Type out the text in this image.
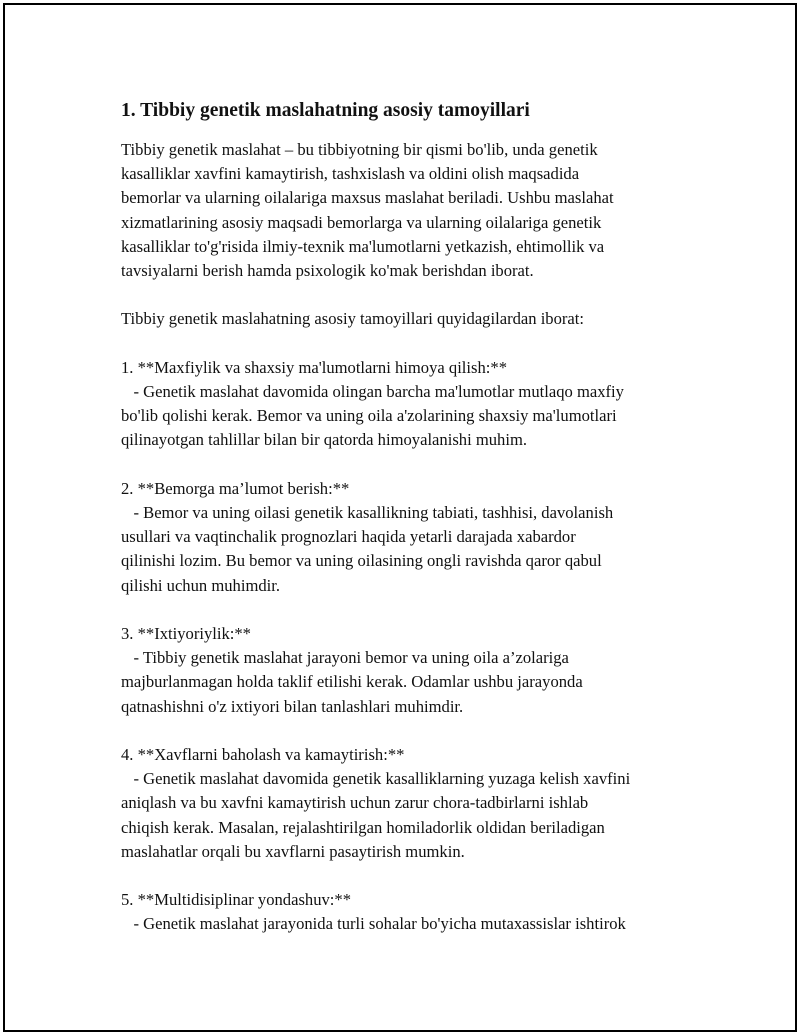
1. Tibbiy genetik maslahatning asosiy tamoyillari

Tibbiy genetik maslahat – bu tibbiyotning bir qismi bo'lib, unda genetik

kasalliklar xavfini kamaytirish, tashxislash va oldini olish maqsadida

bemorlar va ularning oilalariga maxsus maslahat beriladi. Ushbu maslahat

xizmatlarining asosiy maqsadi bemorlarga va ularning oilalariga genetik

kasalliklar to'g'risida ilmiy-texnik ma'lumotlarni yetkazish, ehtimollik va

tavsiyalarni berish hamda psixologik ko'mak berishdan iborat.

Tibbiy genetik maslahatning asosiy tamoyillari quyidagilardan iborat:

1. **Maxfiylik va shaxsiy ma'lumotlarni himoya qilish:**

- Genetik maslahat davomida olingan barcha ma'lumotlar mutlaqo maxfiy

bo'lib qolishi kerak. Bemor va uning oila a'zolarining shaxsiy ma'lumotlari

qilinayotgan tahlillar bilan bir qatorda himoyalanishi muhim.

2. **Bemorga ma’lumot berish:**

- Bemor va uning oilasi genetik kasallikning tabiati, tashhisi, davolanish

usullari va vaqtinchalik prognozlari haqida yetarli darajada xabardor

qilinishi lozim. Bu bemor va uning oilasining ongli ravishda qaror qabul

qilishi uchun muhimdir.

3. **Ixtiyoriylik:**

- Tibbiy genetik maslahat jarayoni bemor va uning oila a’zolariga

majburlanmagan holda taklif etilishi kerak. Odamlar ushbu jarayonda

qatnashishni o'z ixtiyori bilan tanlashlari muhimdir.

4. **Xavflarni baholash va kamaytirish:**

- Genetik maslahat davomida genetik kasalliklarning yuzaga kelish xavfini

aniqlash va bu xavfni kamaytirish uchun zarur chora-tadbirlarni ishlab

chiqish kerak. Masalan, rejalashtirilgan homiladorlik oldidan beriladigan

maslahatlar orqali bu xavflarni pasaytirish mumkin.

5. **Multidisiplinar yondashuv:**

- Genetik maslahat jarayonida turli sohalar bo'yicha mutaxassislar ishtirok
